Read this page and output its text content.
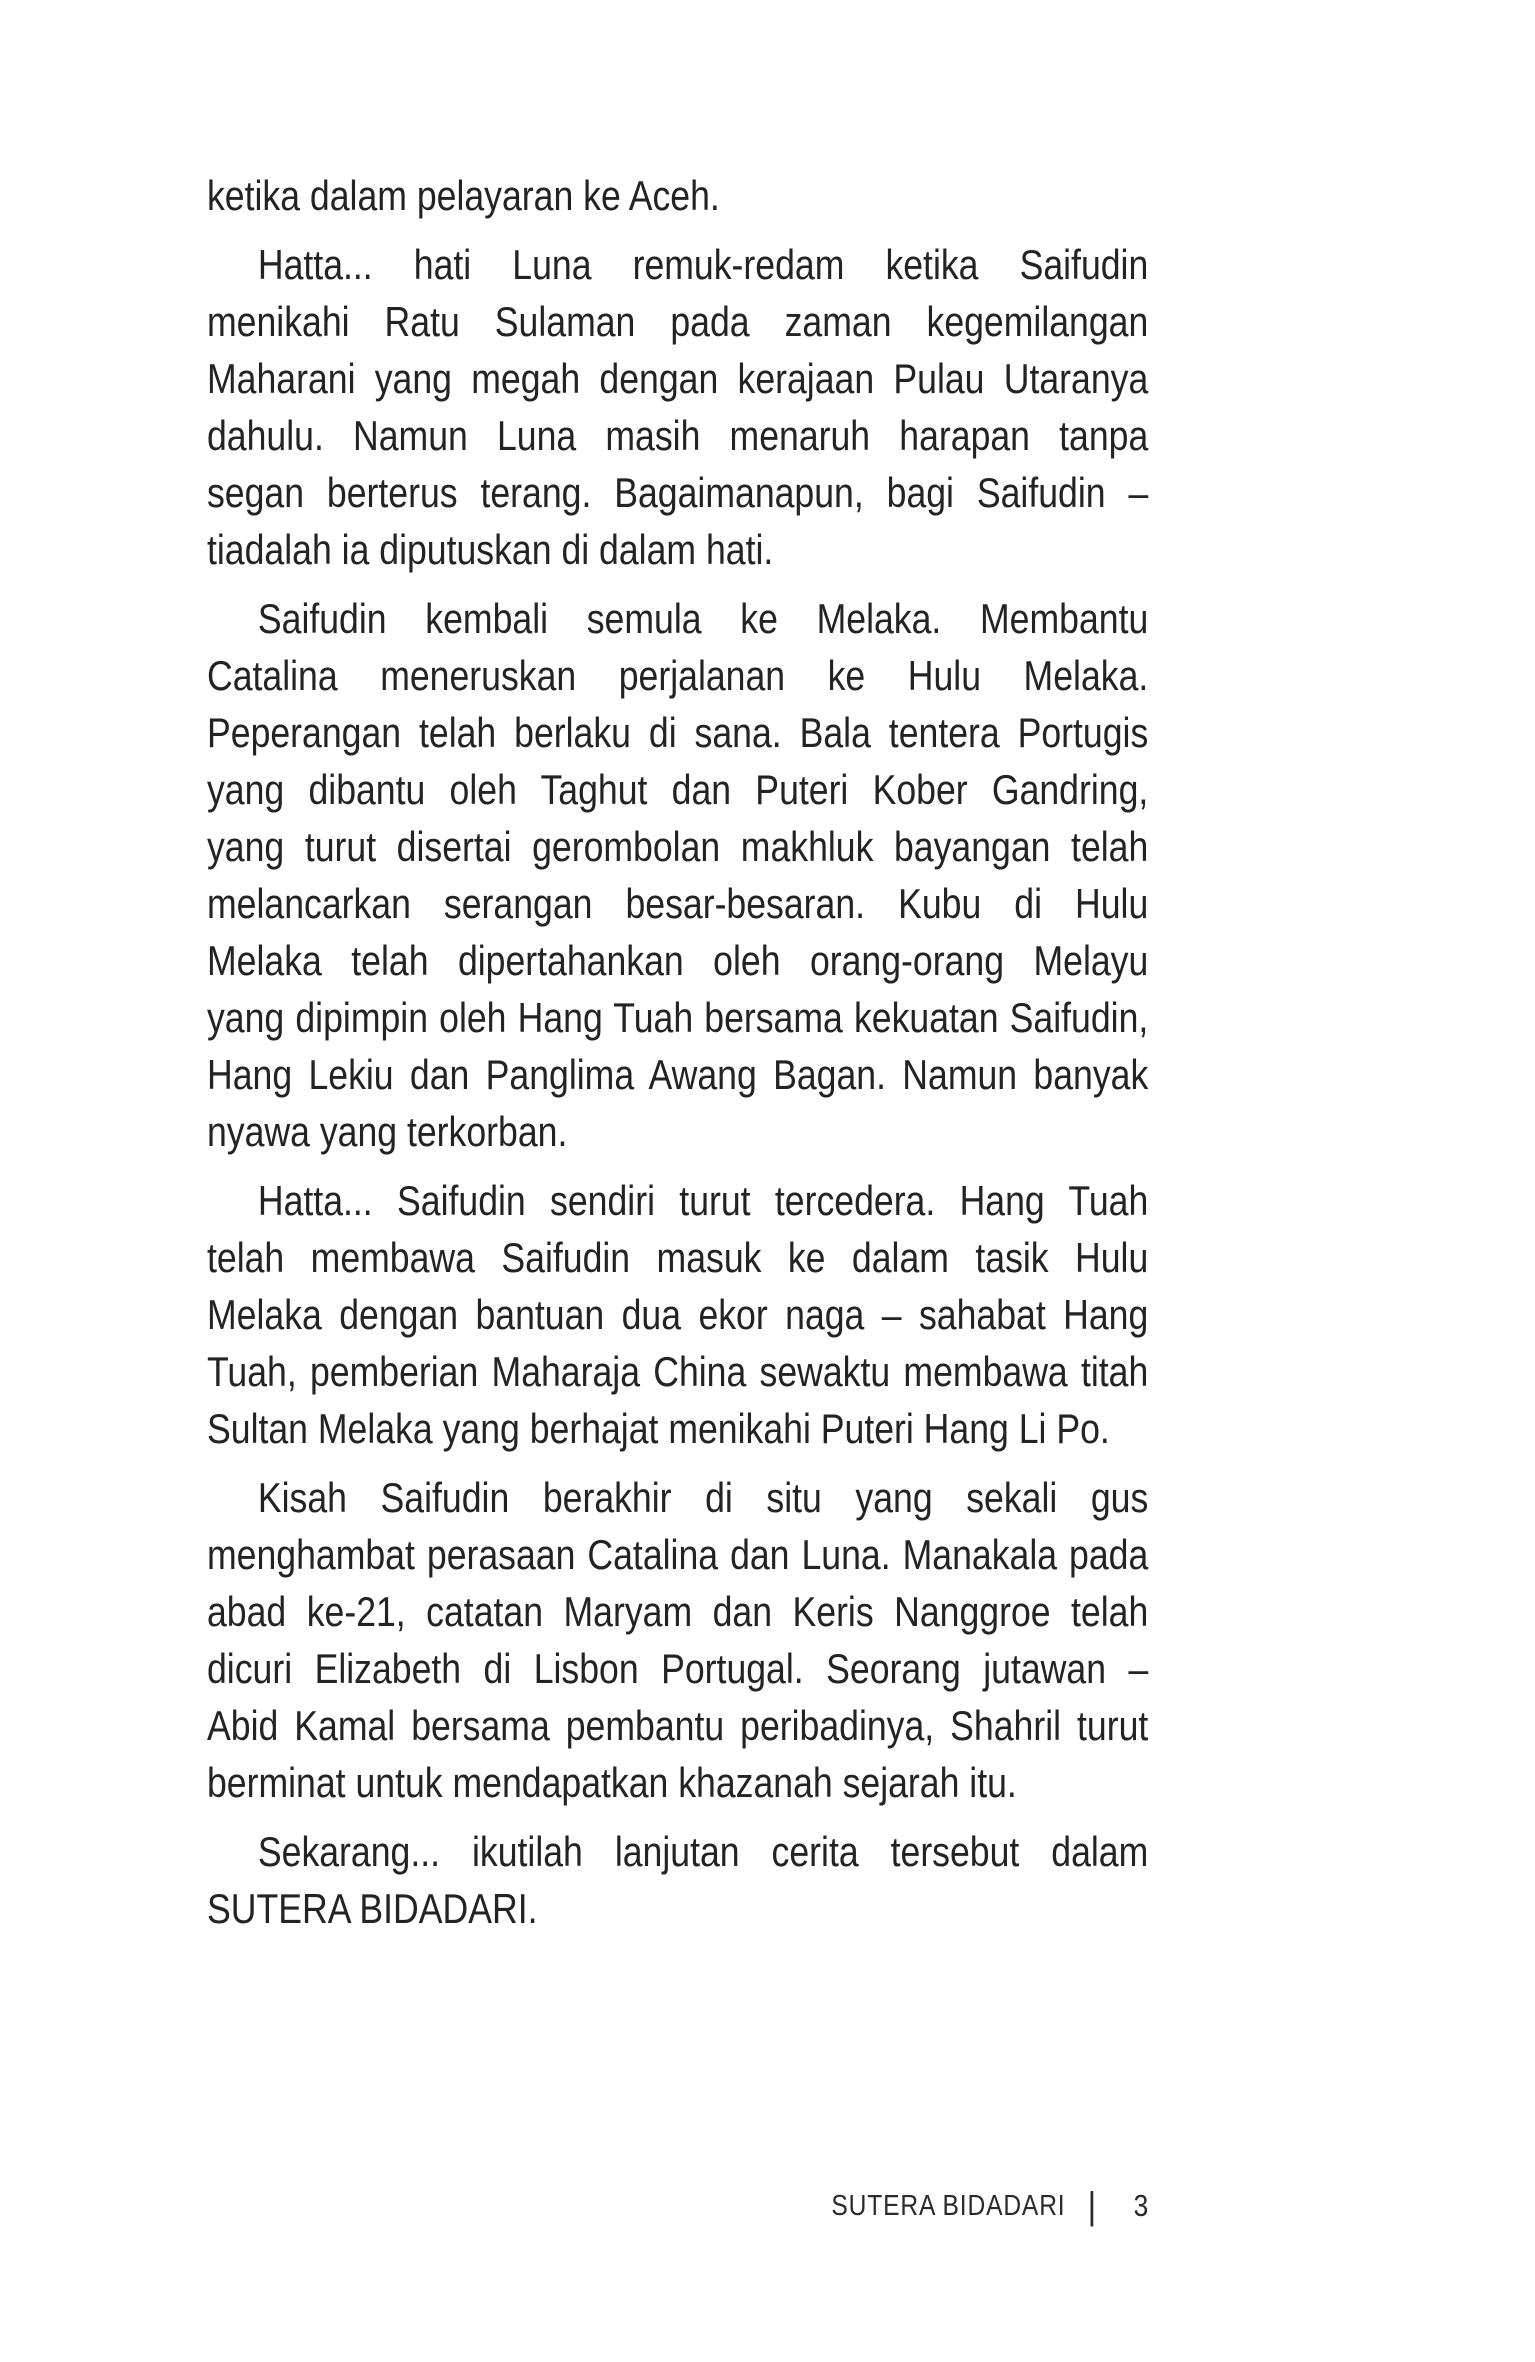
ketika dalam pelayaran ke Aceh.
Hatta... hati Luna remuk-redam ketika Saifudin
menikahi Ratu Sulaman pada zaman kegemilangan
Maharani yang megah dengan kerajaan Pulau Utaranya
dahulu. Namun Luna masih menaruh harapan tanpa
segan berterus terang. Bagaimanapun, bagi Saifudin –
tiadalah ia diputuskan di dalam hati.
Saifudin kembali semula ke Melaka. Membantu
Catalina meneruskan perjalanan ke Hulu Melaka.
Peperangan telah berlaku di sana. Bala tentera Portugis
yang dibantu oleh Taghut dan Puteri Kober Gandring,
yang turut disertai gerombolan makhluk bayangan telah
melancarkan serangan besar-besaran. Kubu di Hulu
Melaka telah dipertahankan oleh orang-orang Melayu
yang dipimpin oleh Hang Tuah bersama kekuatan Saifudin,
Hang Lekiu dan Panglima Awang Bagan. Namun banyak
nyawa yang terkorban.
Hatta... Saifudin sendiri turut tercedera. Hang Tuah
telah membawa Saifudin masuk ke dalam tasik Hulu
Melaka dengan bantuan dua ekor naga – sahabat Hang
Tuah, pemberian Maharaja China sewaktu membawa titah
Sultan Melaka yang berhajat menikahi Puteri Hang Li Po.
Kisah Saifudin berakhir di situ yang sekali gus
menghambat perasaan Catalina dan Luna. Manakala pada
abad ke-21, catatan Maryam dan Keris Nanggroe telah
dicuri Elizabeth di Lisbon Portugal. Seorang jutawan –
Abid Kamal bersama pembantu peribadinya, Shahril turut
berminat untuk mendapatkan khazanah sejarah itu.
Sekarang... ikutilah lanjutan cerita tersebut dalam
SUTERA BIDADARI.
SUTERA BIDADARI | 3
